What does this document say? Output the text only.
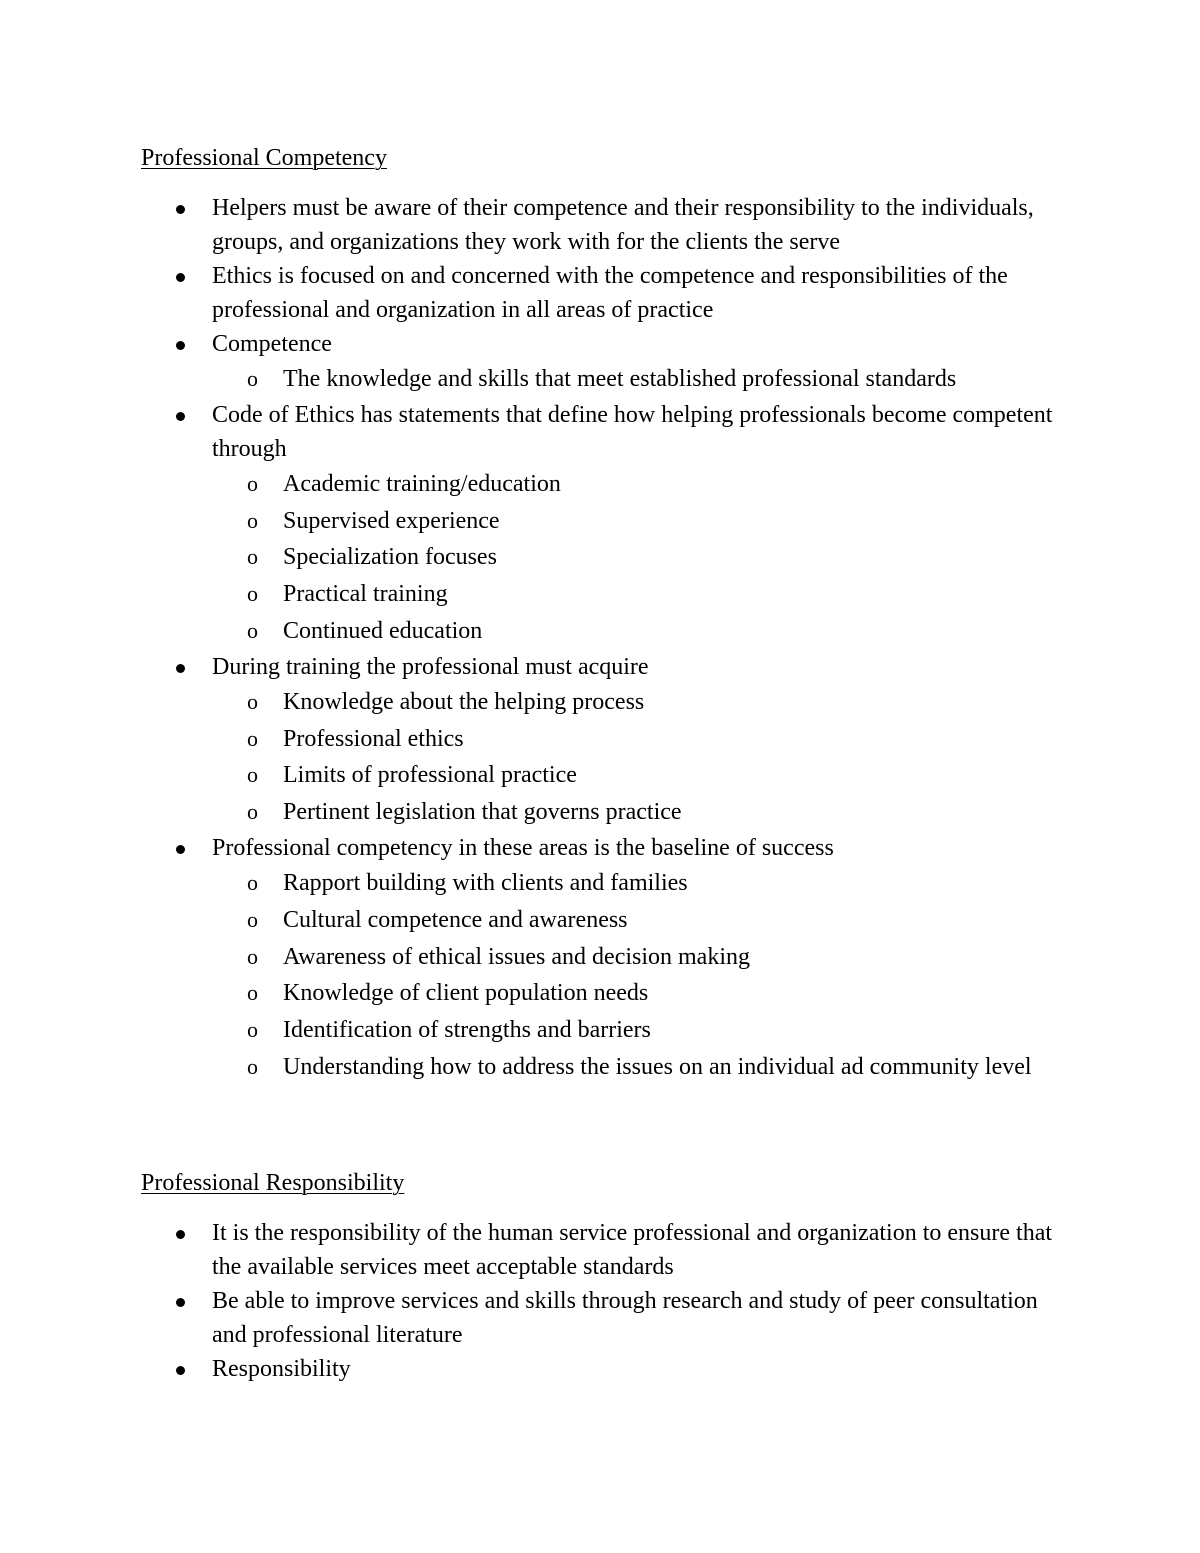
Professional Competency
Helpers must be aware of their competence and their responsibility to the individuals, groups, and organizations they work with for the clients the serve
Ethics is focused on and concerned with the competence and responsibilities of the professional and organization in all areas of practice
Competence
o The knowledge and skills that meet established professional standards
Code of Ethics has statements that define how helping professionals become competent through
o Academic training/education
o Supervised experience
o Specialization focuses
o Practical training
o Continued education
During training the professional must acquire
o Knowledge about the helping process
o Professional ethics
o Limits of professional practice
o Pertinent legislation that governs practice
Professional competency in these areas is the baseline of success
o Rapport building with clients and families
o Cultural competence and awareness
o Awareness of ethical issues and decision making
o Knowledge of client population needs
o Identification of strengths and barriers
o Understanding how to address the issues on an individual ad community level
Professional Responsibility
It is the responsibility of the human service professional and organization to ensure that the available services meet acceptable standards
Be able to improve services and skills through research and study of peer consultation and professional literature
Responsibility
